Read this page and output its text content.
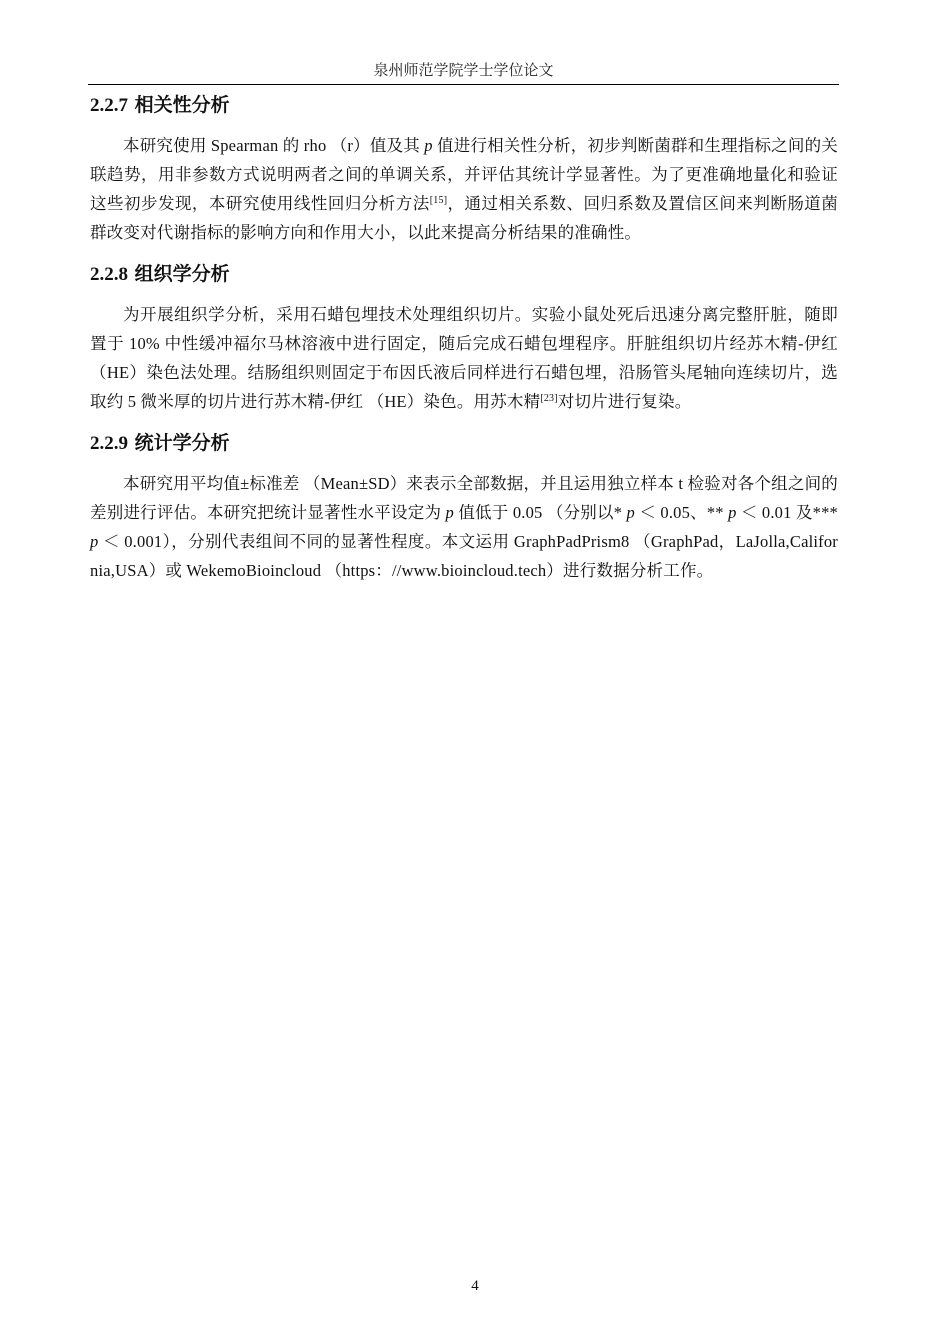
泉州师范学院学士学位论文
2.2.7 相关性分析

本研究使用 Spearman 的 rho （r）值及其 p 值进行相关性分析，初步判断菌群和生理指标之间的关联趋势，用非参数方式说明两者之间的单调关系，并评估其统计学显著性。为了更准确地量化和验证这些初步发现，本研究使用线性回归分析方法[15]，通过相关系数、回归系数及置信区间来判断肠道菌群改变对代谢指标的影响方向和作用大小，以此来提高分析结果的准确性。

2.2.8 组织学分析

为开展组织学分析，采用石蜡包埋技术处理组织切片。实验小鼠处死后迅速分离完整肝脏，随即置于 10% 中性缓冲福尔马林溶液中进行固定，随后完成石蜡包埋程序。肝脏组织切片经苏木精-伊红 （HE）染色法处理。结肠组织则固定于布因氏液后同样进行石蜡包埋，沿肠管头尾轴向连续切片，选取约 5 微米厚的切片进行苏木精-伊红 （HE）染色。用苏木精[23]对切片进行复染。

2.2.9 统计学分析

本研究用平均值±标准差 （Mean±SD）来表示全部数据，并且运用独立样本 t 检验对各个组之间的差别进行评估。本研究把统计显著性水平设定为 p 值低于 0.05 （分别以* p ＜ 0.05、** p ＜ 0.01 及*** p ＜ 0.001），分别代表组间不同的显著性程度。本文运用 GraphPadPrism8 （GraphPad，LaJolla,California,USA）或 WekemoBioincloud （https：//www.bioincloud.tech）进行数据分析工作。

4
